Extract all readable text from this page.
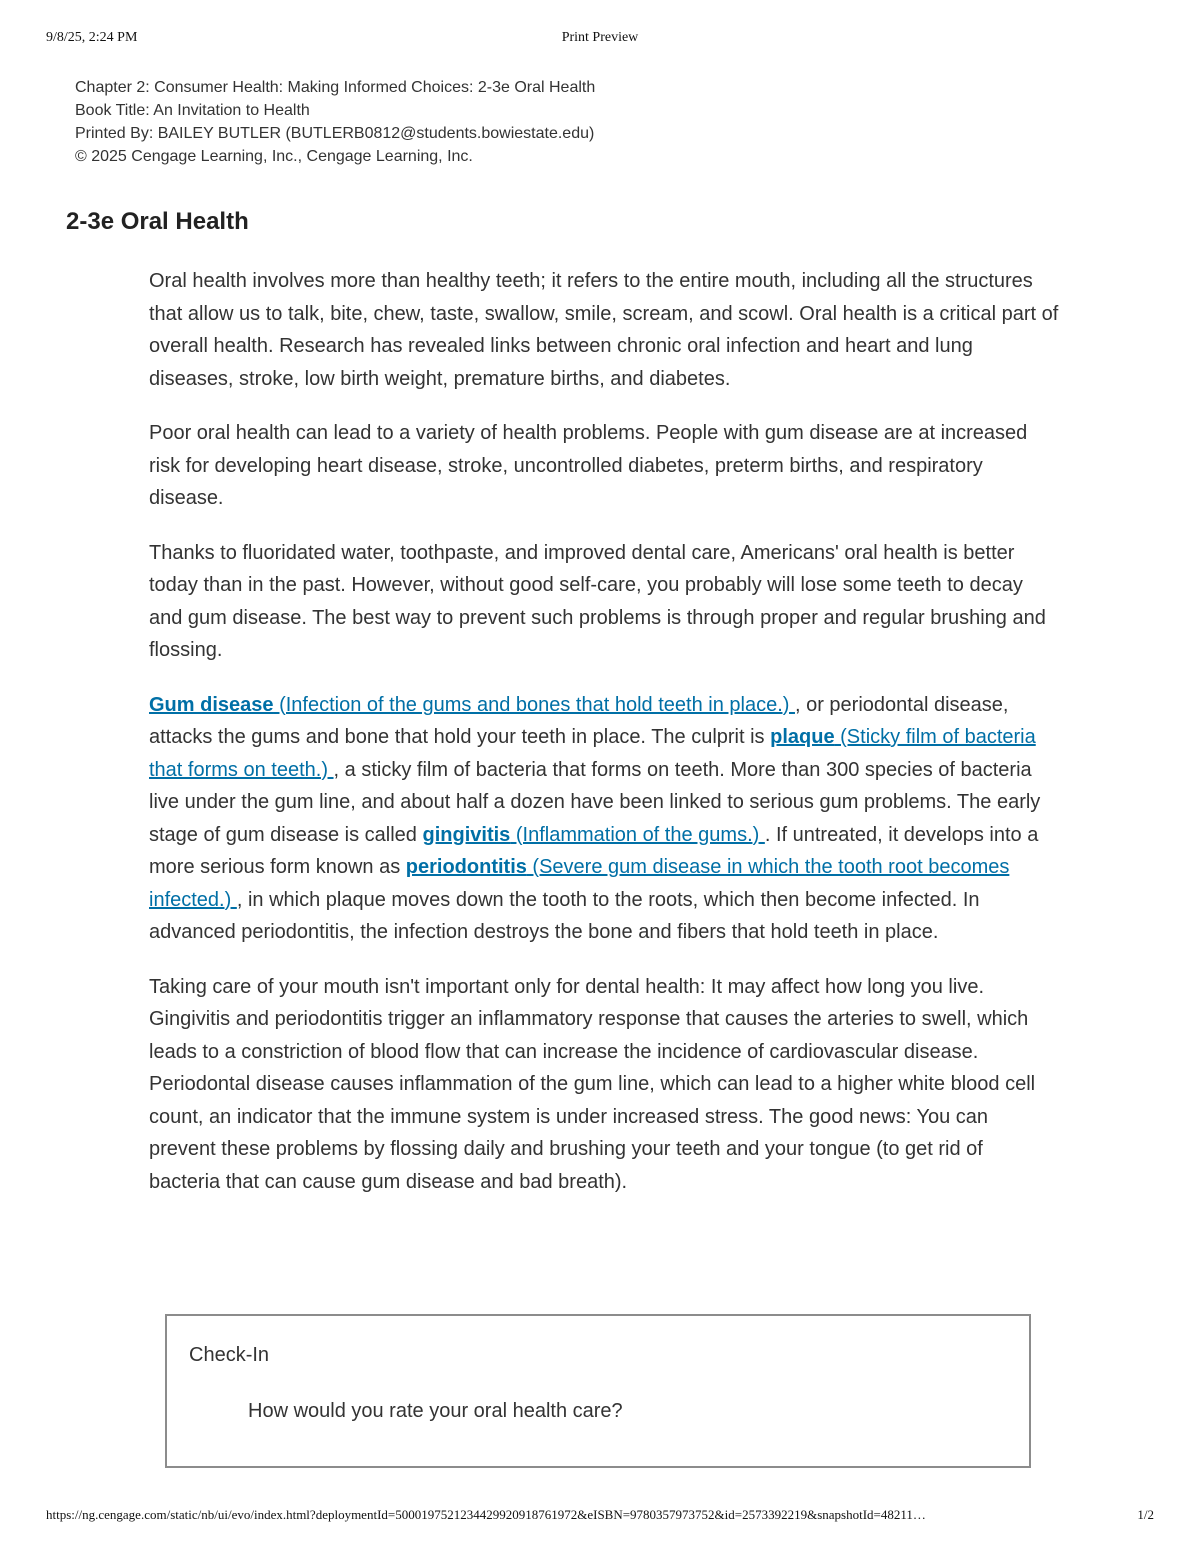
9/8/25, 2:24 PM	Print Preview
Chapter 2: Consumer Health: Making Informed Choices: 2-3e Oral Health
Book Title: An Invitation to Health
Printed By: BAILEY BUTLER (BUTLERB0812@students.bowiestate.edu)
© 2025 Cengage Learning, Inc., Cengage Learning, Inc.
2-3e Oral Health

Oral health involves more than healthy teeth; it refers to the entire mouth, including all the structures that allow us to talk, bite, chew, taste, swallow, smile, scream, and scowl. Oral health is a critical part of overall health. Research has revealed links between chronic oral infection and heart and lung diseases, stroke, low birth weight, premature births, and diabetes.

Poor oral health can lead to a variety of health problems. People with gum disease are at increased risk for developing heart disease, stroke, uncontrolled diabetes, preterm births, and respiratory disease.

Thanks to fluoridated water, toothpaste, and improved dental care, Americans' oral health is better today than in the past. However, without good self-care, you probably will lose some teeth to decay and gum disease. The best way to prevent such problems is through proper and regular brushing and flossing.

Gum disease (Infection of the gums and bones that hold teeth in place.) , or periodontal disease, attacks the gums and bone that hold your teeth in place. The culprit is plaque (Sticky film of bacteria that forms on teeth.) , a sticky film of bacteria that forms on teeth. More than 300 species of bacteria live under the gum line, and about half a dozen have been linked to serious gum problems. The early stage of gum disease is called gingivitis (Inflammation of the gums.) . If untreated, it develops into a more serious form known as periodontitis (Severe gum disease in which the tooth root becomes infected.) , in which plaque moves down the tooth to the roots, which then become infected. In advanced periodontitis, the infection destroys the bone and fibers that hold teeth in place.

Taking care of your mouth isn't important only for dental health: It may affect how long you live. Gingivitis and periodontitis trigger an inflammatory response that causes the arteries to swell, which leads to a constriction of blood flow that can increase the incidence of cardiovascular disease. Periodontal disease causes inflammation of the gum line, which can lead to a higher white blood cell count, an indicator that the immune system is under increased stress. The good news: You can prevent these problems by flossing daily and brushing your teeth and your tongue (to get rid of bacteria that can cause gum disease and bad breath).

Check-In
How would you rate your oral health care?
https://ng.cengage.com/static/nb/ui/evo/index.html?deploymentId=5000197521234429920918761972&eISBN=9780357973752&id=2573392219&snapshotId=48211…	1/2
